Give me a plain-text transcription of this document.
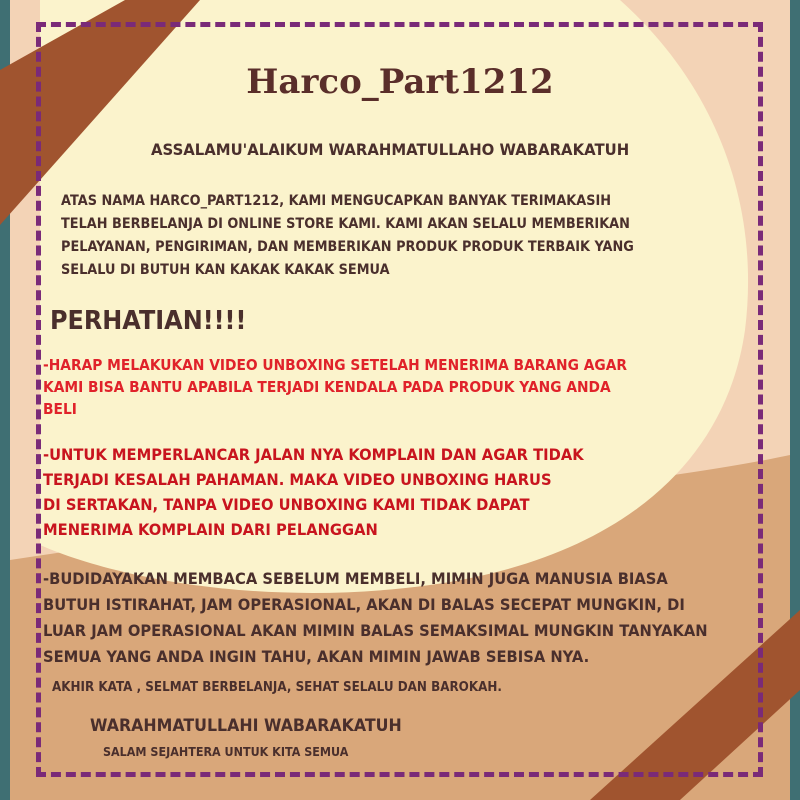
Harco_Part1212
ASSALAMU'ALAIKUM WARAHMATULLAHO WABARAKATUH
ATAS NAMA HARCO_PART1212, KAMI MENGUCAPKAN BANYAK TERIMAKASIH
TELAH BERBELANJA DI ONLINE STORE KAMI. KAMI AKAN SELALU MEMBERIKAN
PELAYANAN, PENGIRIMAN, DAN MEMBERIKAN PRODUK PRODUK TERBAIK YANG
SELALU DI BUTUH KAN KAKAK KAKAK SEMUA
PERHATIAN!!!!
-HARAP MELAKUKAN VIDEO UNBOXING SETELAH MENERIMA BARANG AGAR
KAMI BISA BANTU APABILA TERJADI KENDALA PADA PRODUK YANG ANDA
BELI
-UNTUK MEMPERLANCAR JALAN NYA KOMPLAIN DAN AGAR TIDAK
TERJADI KESALAH PAHAMAN. MAKA VIDEO UNBOXING HARUS
DI SERTAKAN, TANPA VIDEO UNBOXING KAMI TIDAK DAPAT
MENERIMA KOMPLAIN DARI PELANGGAN
-BUDIDAYAKAN MEMBACA SEBELUM MEMBELI, MIMIN JUGA MANUSIA BIASA
BUTUH ISTIRAHAT, JAM OPERASIONAL, AKAN DI BALAS SECEPAT MUNGKIN, DI
LUAR JAM OPERASIONAL AKAN MIMIN BALAS SEMAKSIMAL MUNGKIN TANYAKAN
SEMUA YANG ANDA INGIN TAHU, AKAN MIMIN JAWAB SEBISA NYA.
AKHIR KATA , SELMAT BERBELANJA, SEHAT SELALU DAN BAROKAH.
WARAHMATULLAHI WABARAKATUH
SALAM SEJAHTERA UNTUK KITA SEMUA
